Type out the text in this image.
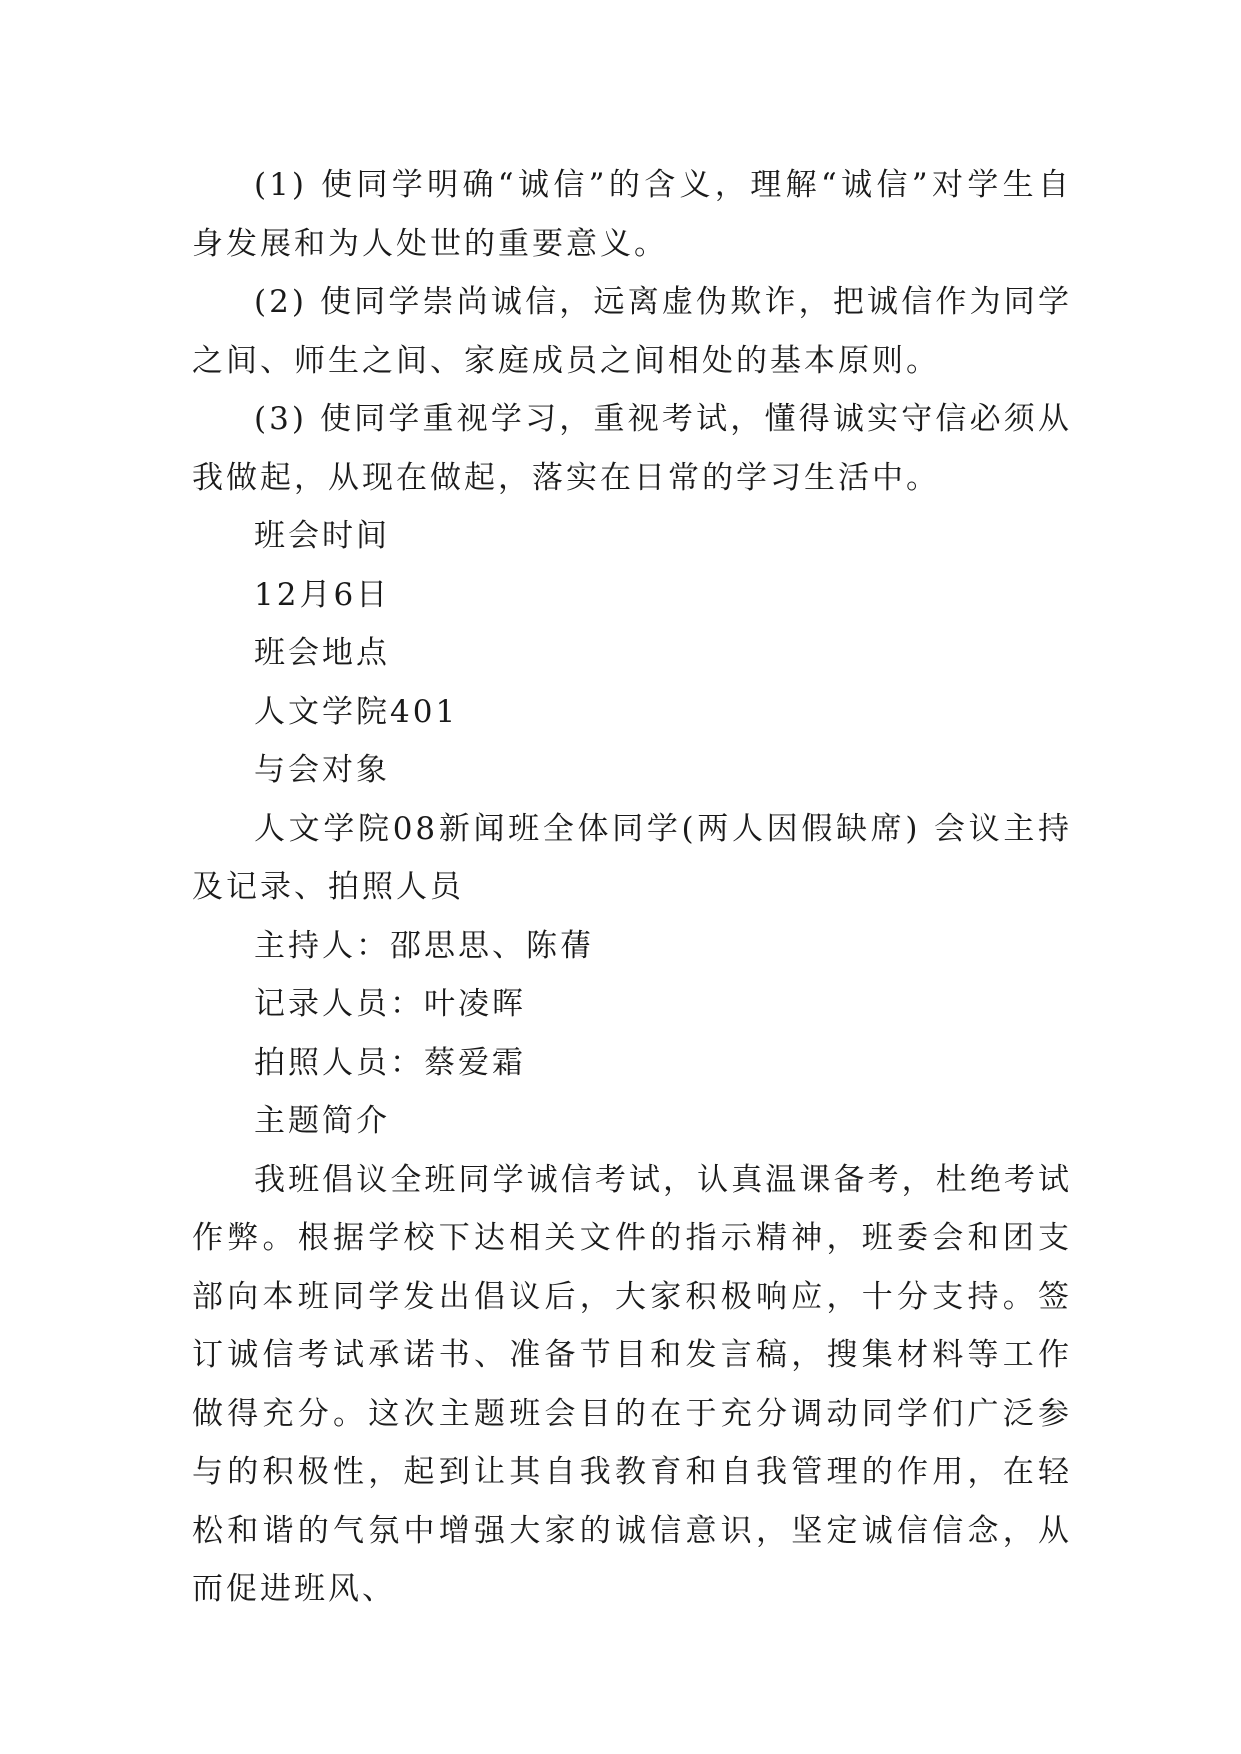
(1) 使同学明确“诚信”的含义，理解“诚信”对学生自身发展和为人处世的重要意义。

(2) 使同学崇尚诚信，远离虚伪欺诈，把诚信作为同学之间、师生之间、家庭成员之间相处的基本原则。

(3) 使同学重视学习，重视考试，懂得诚实守信必须从我做起，从现在做起，落实在日常的学习生活中。

班会时间

12月6日

班会地点

人文学院401

与会对象

人文学院08新闻班全体同学(两人因假缺席) 会议主持及记录、拍照人员

主持人：邵思思、陈蒨

记录人员：叶凌晖

拍照人员：蔡爱霜

主题简介

我班倡议全班同学诚信考试，认真温课备考，杜绝考试作弊。根据学校下达相关文件的指示精神，班委会和团支部向本班同学发出倡议后，大家积极响应，十分支持。签订诚信考试承诺书、准备节目和发言稿，搜集材料等工作做得充分。这次主题班会目的在于充分调动同学们广泛参与的积极性，起到让其自我教育和自我管理的作用，在轻松和谐的气氛中增强大家的诚信意识，坚定诚信信念，从而促进班风、
